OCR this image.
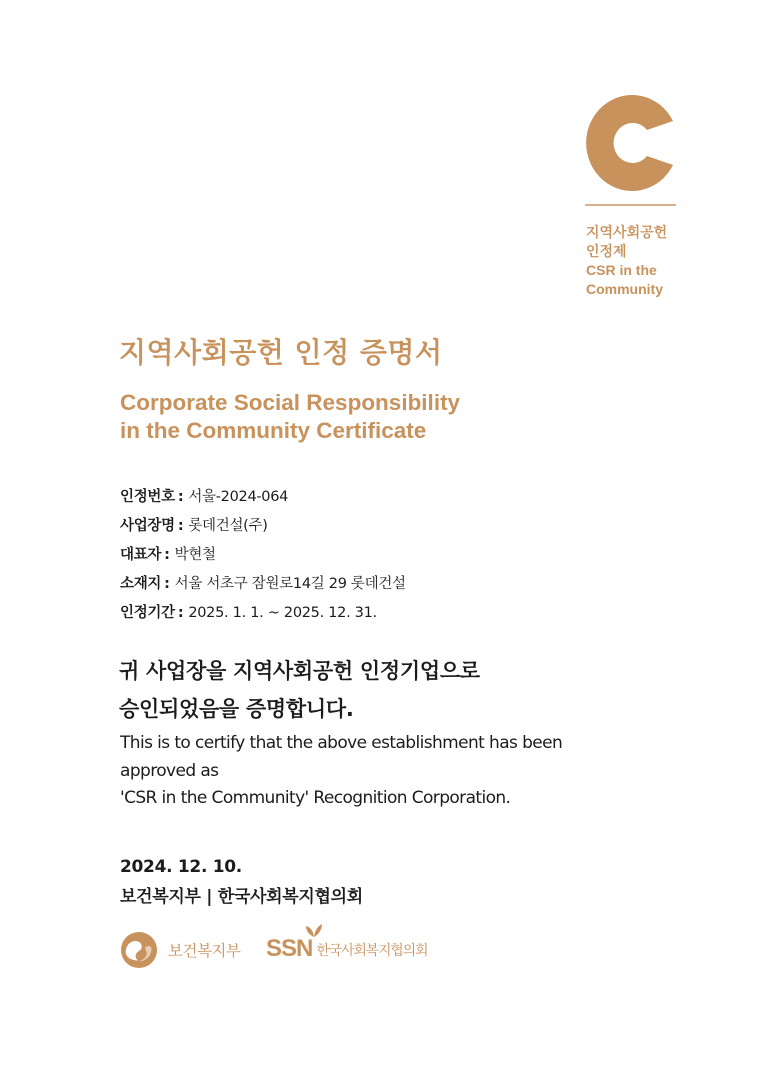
지역사회공헌
인정제
CSR in the
Community
지역사회공헌 인정 증명서
Corporate Social Responsibility
in the Community Certificate
인정번호 : 서울-2024-064
사업장명 : 롯데건설(주)
대표자 : 박현철
소재지 : 서울 서초구 잠원로14길 29 롯데건설
인정기간 : 2025. 1. 1. ~ 2025. 12. 31.
귀 사업장을 지역사회공헌 인정기업으로
승인되었음을 증명합니다.
This is to certify that the above establishment has been
approved as
'CSR in the Community' Recognition Corporation.
2024. 12. 10.
보건복지부 | 한국사회복지협의회
보건복지부 SSN 한국사회복지협의회
